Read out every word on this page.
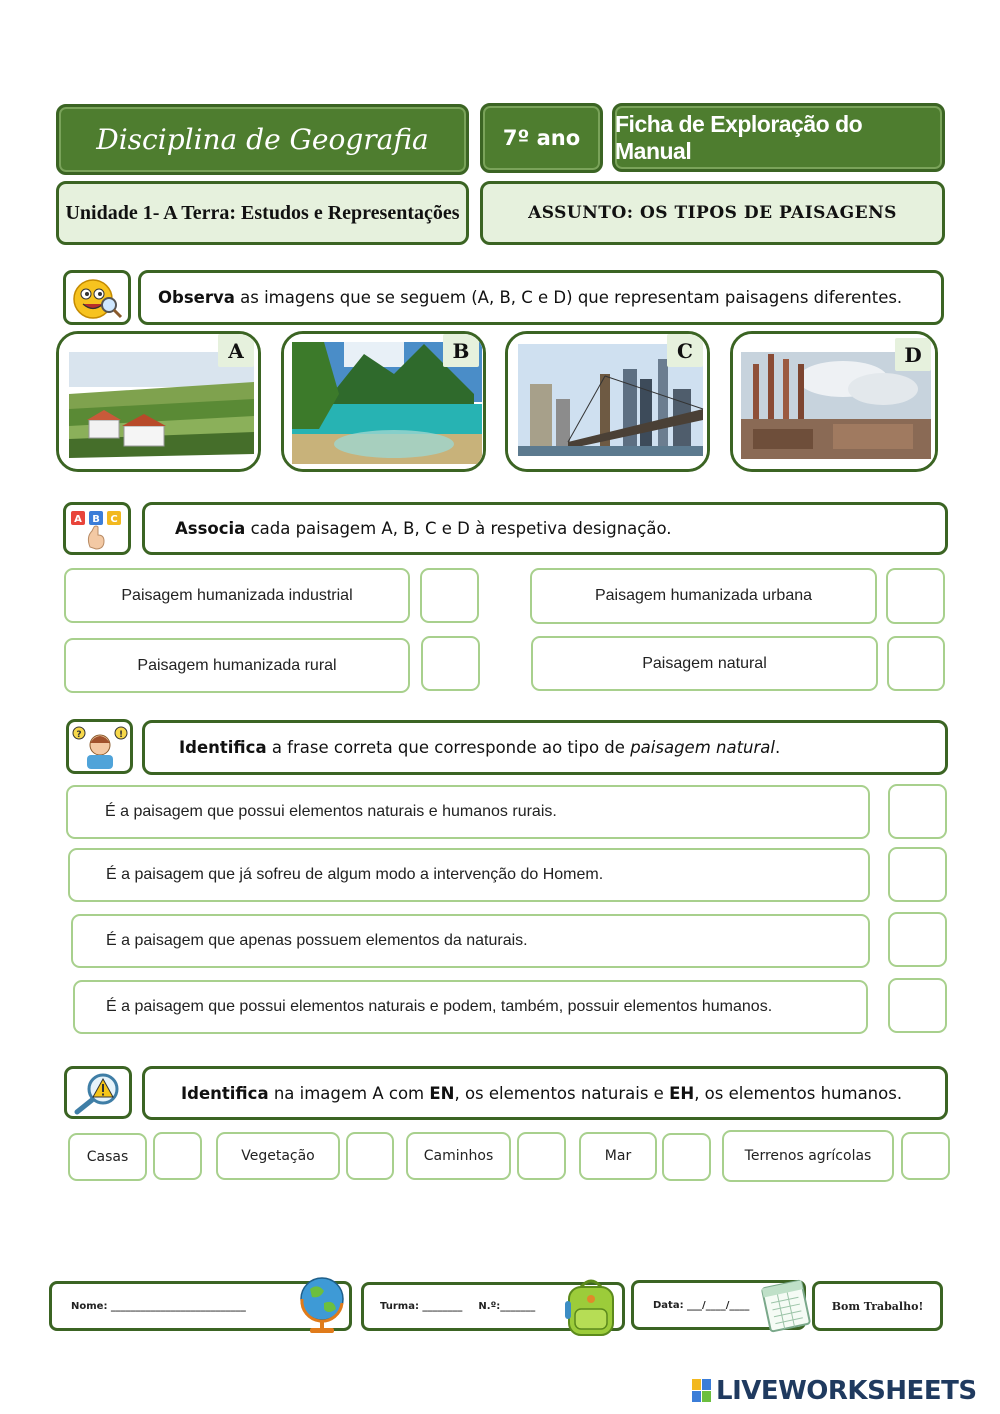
Disciplina de Geografia	7º ano
Ficha de Exploração do Manual
Unidade 1- A Terra: Estudos e Representações	ASSUNTO: OS TIPOS DE PAISAGENS
Observa as imagens que se seguem (A, B, C e D) que representam paisagens diferentes.
A	B	C	D
A B C	Associa cada paisagem A, B, C e D à respetiva designação.
Paisagem humanizada industrial	Paisagem humanizada urbana
Paisagem humanizada rural	Paisagem natural
?	!
Identifica a frase correta que corresponde ao tipo de paisagem natural.
É a paisagem que possui elementos naturais e humanos rurais.
É a paisagem que já sofreu de algum modo a intervenção do Homem.
É a paisagem que apenas possuem elementos da naturais.
É a paisagem que possui elementos naturais e podem, também, possuir elementos humanos.
Identifica na imagem A com EN, os elementos naturais e EH, os elementos humanos.
Casas	Vegetação	Caminhos	Mar	Terrenos agrícolas
Nome: ___________________________	Turma: ________ N.º:_______	Data: ___/____/____	Bom Trabalho!
LIVEWORKSHEETS
